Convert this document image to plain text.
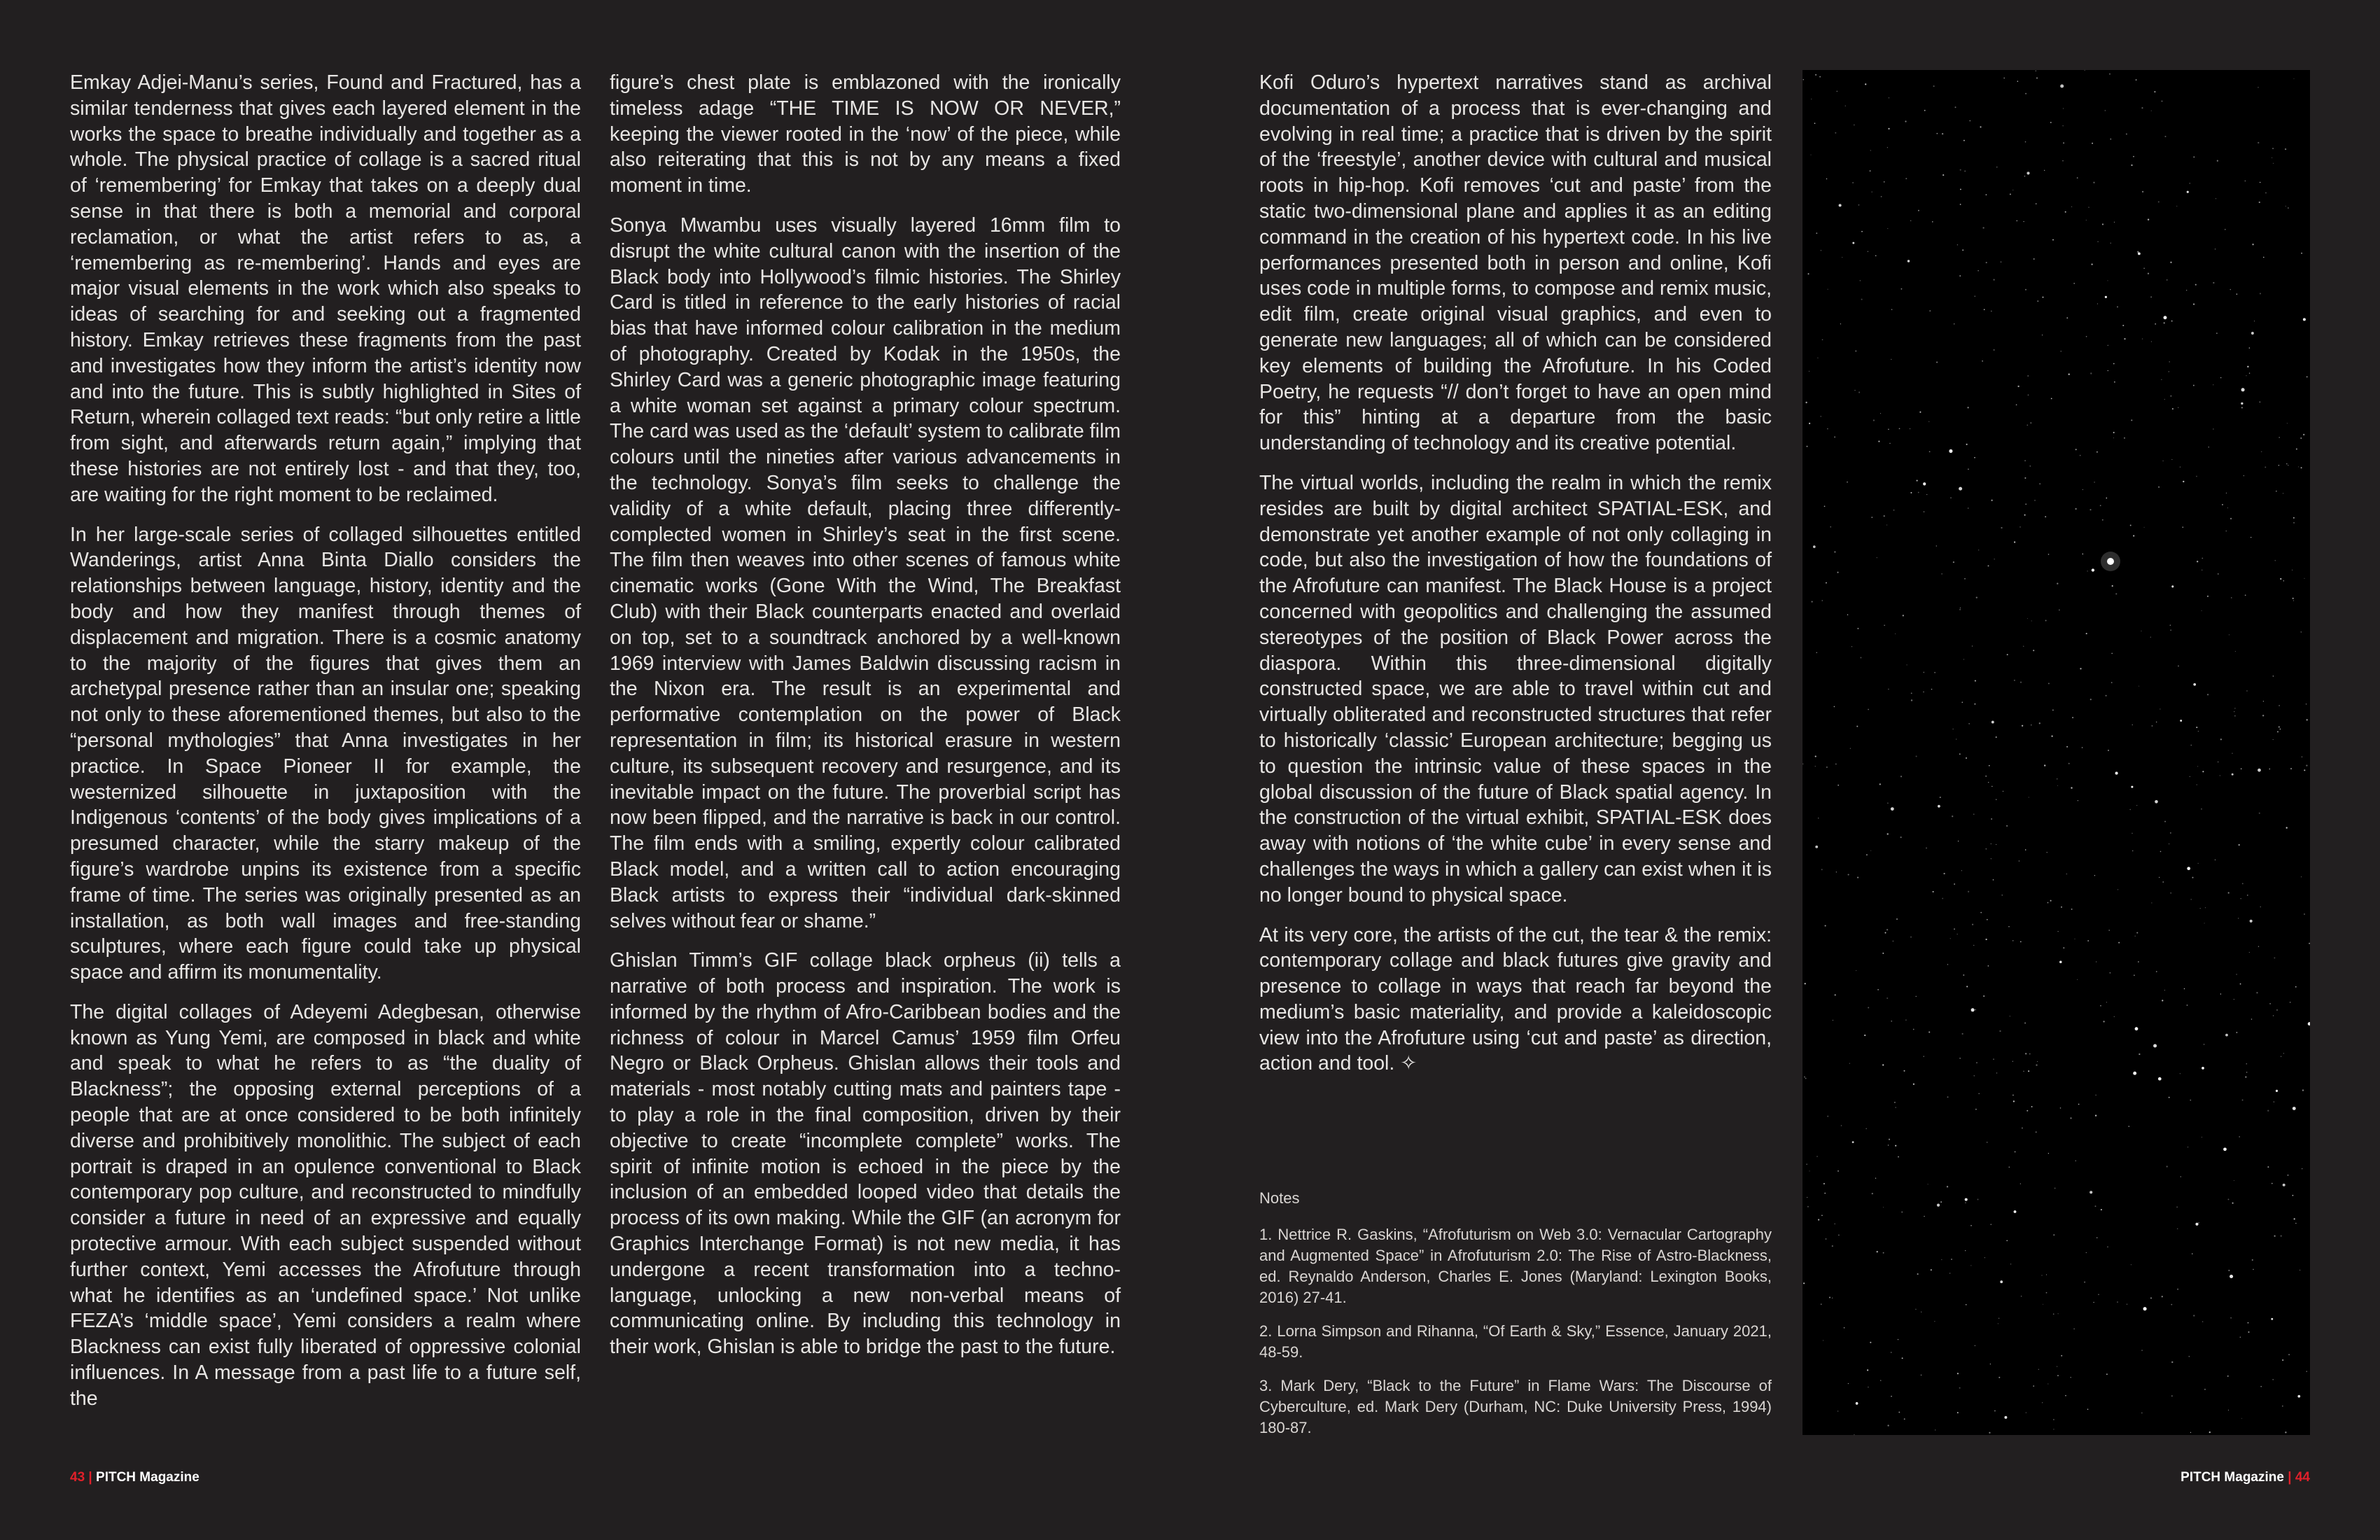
Emkay Adjei-Manu’s series, Found and Fractured, has a similar tenderness that gives each layered element in the works the space to breathe individually and together as a whole. The physical practice of collage is a sacred ritual of ‘remembering’ for Emkay that takes on a deeply dual sense in that there is both a memorial and corporal reclamation, or what the artist refers to as, a ‘remembering as re-membering’. Hands and eyes are major visual elements in the work which also speaks to ideas of searching for and seeking out a fragmented history. Emkay retrieves these fragments from the past and investigates how they inform the artist’s identity now and into the future. This is subtly highlighted in Sites of Return, wherein collaged text reads: “but only retire a little from sight, and afterwards return again,” implying that these histories are not entirely lost - and that they, too, are waiting for the right moment to be reclaimed.

In her large-scale series of collaged silhouettes entitled Wanderings, artist Anna Binta Diallo considers the relationships between language, history, identity and the body and how they manifest through themes of displacement and migration. There is a cosmic anatomy to the majority of the figures that gives them an archetypal presence rather than an insular one; speaking not only to these aforementioned themes, but also to the “personal mythologies” that Anna investigates in her practice. In Space Pioneer II for example, the westernized silhouette in juxtaposition with the Indigenous ‘contents’ of the body gives implications of a presumed character, while the starry makeup of the figure’s wardrobe unpins its existence from a specific frame of time. The series was originally presented as an installation, as both wall images and free-standing sculptures, where each figure could take up physical space and affirm its monumentality.

The digital collages of Adeyemi Adegbesan, otherwise known as Yung Yemi, are composed in black and white and speak to what he refers to as “the duality of Blackness”; the opposing external perceptions of a people that are at once considered to be both infinitely diverse and prohibitively monolithic. The subject of each portrait is draped in an opulence conventional to Black contemporary pop culture, and reconstructed to mindfully consider a future in need of an expressive and equally protective armour. With each subject suspended without further context, Yemi accesses the Afrofuture through what he identifies as an ‘undefined space.’ Not unlike FEZA’s ‘middle space’, Yemi considers a realm where Blackness can exist fully liberated of oppressive colonial influences. In A message from a past life to a future self, the

figure’s chest plate is emblazoned with the ironically timeless adage “THE TIME IS NOW OR NEVER,” keeping the viewer rooted in the ‘now’ of the piece, while also reiterating that this is not by any means a fixed moment in time.

Sonya Mwambu uses visually layered 16mm film to disrupt the white cultural canon with the insertion of the Black body into Hollywood’s filmic histories. The Shirley Card is titled in reference to the early histories of racial bias that have informed colour calibration in the medium of photography. Created by Kodak in the 1950s, the Shirley Card was a generic photographic image featuring a white woman set against a primary colour spectrum. The card was used as the ‘default’ system to calibrate film colours until the nineties after various advancements in the technology. Sonya’s film seeks to challenge the validity of a white default, placing three differently-complected women in Shirley’s seat in the first scene. The film then weaves into other scenes of famous white cinematic works (Gone With the Wind, The Breakfast Club) with their Black counterparts enacted and overlaid on top, set to a soundtrack anchored by a well-known 1969 interview with James Baldwin discussing racism in the Nixon era. The result is an experimental and performative contemplation on the power of Black representation in film; its historical erasure in western culture, its subsequent recovery and resurgence, and its inevitable impact on the future. The proverbial script has now been flipped, and the narrative is back in our control. The film ends with a smiling, expertly colour calibrated Black model, and a written call to action encouraging Black artists to express their “individual dark-skinned selves without fear or shame.”

Ghislan Timm’s GIF collage black orpheus (ii) tells a narrative of both process and inspiration. The work is informed by the rhythm of Afro-Caribbean bodies and the richness of colour in Marcel Camus’ 1959 film Orfeu Negro or Black Orpheus. Ghislan allows their tools and materials - most notably cutting mats and painters tape - to play a role in the final composition, driven by their objective to create “incomplete complete” works. The spirit of infinite motion is echoed in the piece by the inclusion of an embedded looped video that details the process of its own making. While the GIF (an acronym for Graphics Interchange Format) is not new media, it has undergone a recent transformation into a techno-language, unlocking a new non-verbal means of communicating online. By including this technology in their work, Ghislan is able to bridge the past to the future.

Kofi Oduro’s hypertext narratives stand as archival documentation of a process that is ever-changing and evolving in real time; a practice that is driven by the spirit of the ‘freestyle’, another device with cultural and musical roots in hip-hop. Kofi removes ‘cut and paste’ from the static two-dimensional plane and applies it as an editing command in the creation of his hypertext code. In his live performances presented both in person and online, Kofi uses code in multiple forms, to compose and remix music, edit film, create original visual graphics, and even to generate new languages; all of which can be considered key elements of building the Afrofuture. In his Coded Poetry, he requests “// don’t forget to have an open mind for this” hinting at a departure from the basic understanding of technology and its creative potential.

The virtual worlds, including the realm in which the remix resides are built by digital architect SPATIAL-ESK, and demonstrate yet another example of not only collaging in code, but also the investigation of how the foundations of the Afrofuture can manifest. The Black House is a project concerned with geopolitics and challenging the assumed stereotypes of the position of Black Power across the diaspora. Within this three-dimensional digitally constructed space, we are able to travel within cut and virtually obliterated and reconstructed structures that refer to historically ‘classic’ European architecture; begging us to question the intrinsic value of these spaces in the global discussion of the future of Black spatial agency. In the construction of the virtual exhibit, SPATIAL-ESK does away with notions of ‘the white cube’ in every sense and challenges the ways in which a gallery can exist when it is no longer bound to physical space.

At its very core, the artists of the cut, the tear & the remix: contemporary collage and black futures give gravity and presence to collage in ways that reach far beyond the medium’s basic materiality, and provide a kaleidoscopic view into the Afrofuture using ‘cut and paste’ as direction, action and tool. ✧

Notes

1. Nettrice R. Gaskins, “Afrofuturism on Web 3.0: Vernacular Cartography and Augmented Space” in Afrofuturism 2.0: The Rise of Astro-Blackness, ed. Reynaldo Anderson, Charles E. Jones (Maryland: Lexington Books, 2016) 27-41.

2. Lorna Simpson and Rihanna, “Of Earth & Sky,” Essence, January 2021, 48-59.

3. Mark Dery, “Black to the Future” in Flame Wars: The Discourse of Cyberculture, ed. Mark Dery (Durham, NC: Duke University Press, 1994) 180-87.

43 | PITCH Magazine	PITCH Magazine | 44
